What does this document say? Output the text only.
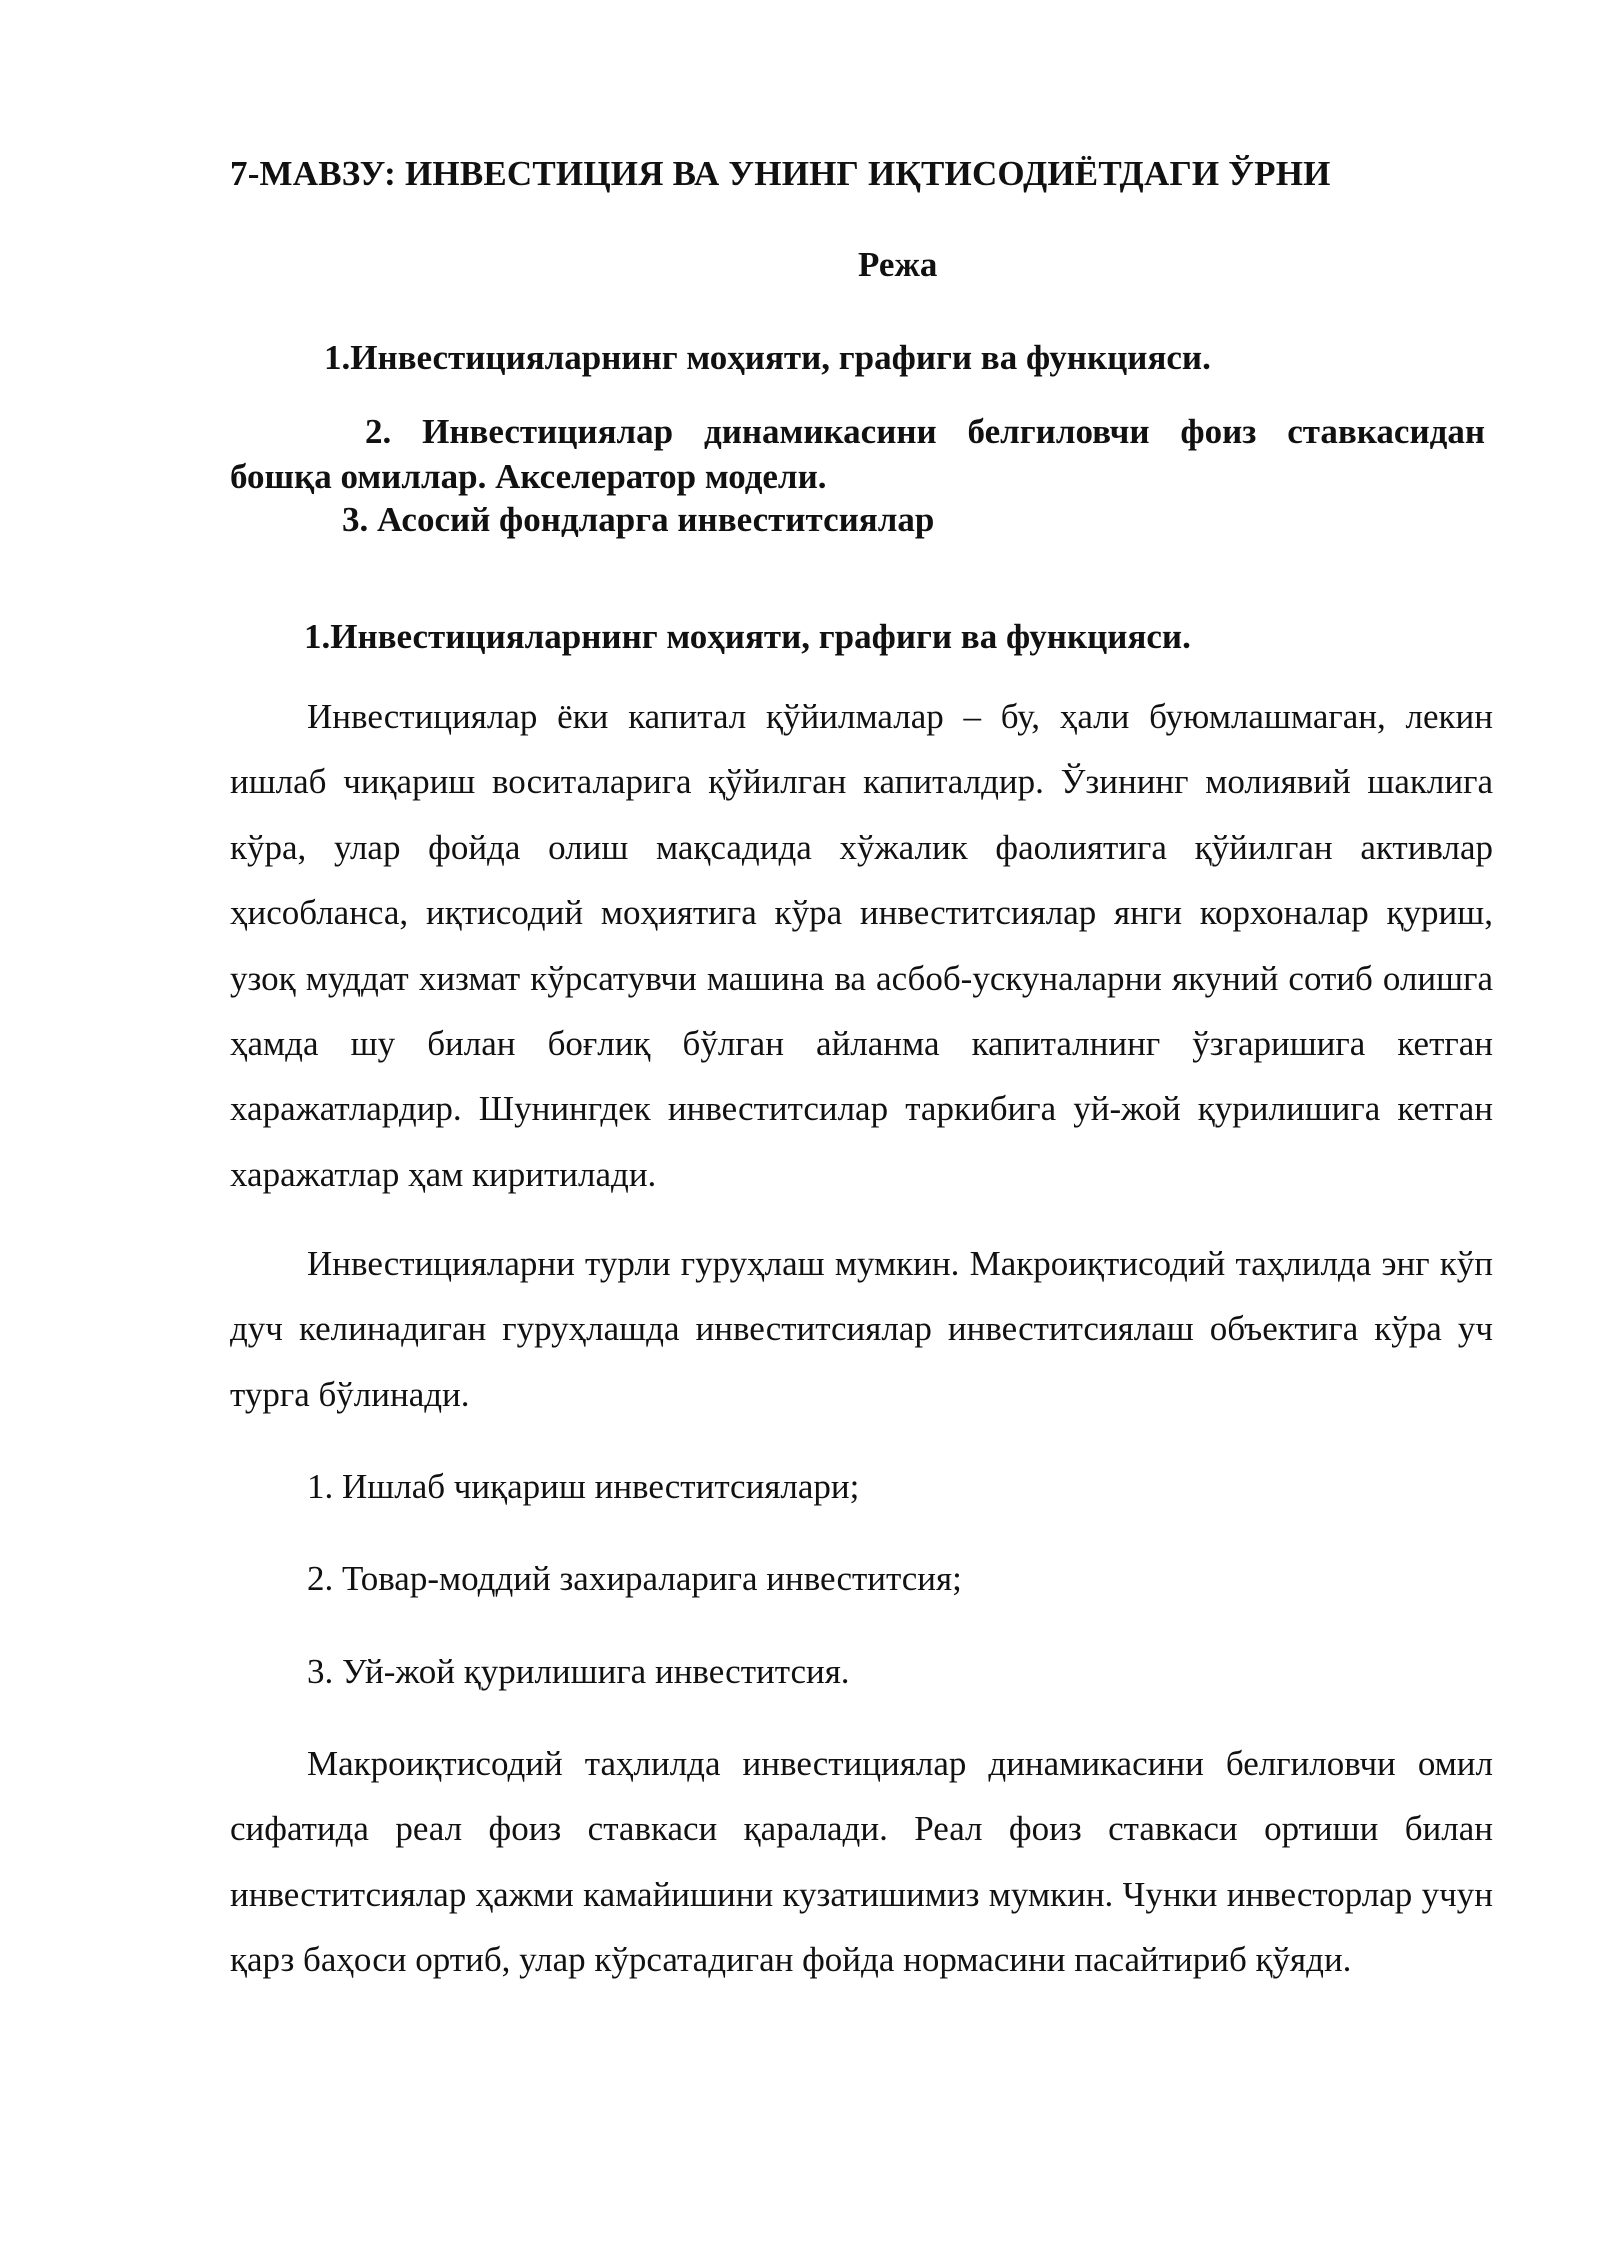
7-МАВЗУ: ИНВЕСТИЦИЯ ВА УНИНГ ИҚТИСОДИЁТДАГИ ЎРНИ
Режа
1.Инвестицияларнинг моҳияти, графиги ва функцияси.
2. Инвестициялар динамикасини белгиловчи фоиз ставкасидан
бошқа омиллар. Акселератор модели.
3. Асосий фондларга инвеститсиялар
1.Инвестицияларнинг моҳияти, графиги ва функцияси.

Инвестициялар ёки капитал қўйилмалар – бу, ҳали буюмлашмаган, лекин ишлаб чиқариш воситаларига қўйилган капиталдир. Ўзининг молиявий шаклига кўра, улар фойда олиш мақсадида хўжалик фаолиятига қўйилган активлар ҳисобланса, иқтисодий моҳиятига кўра инвеститсиялар янги корхоналар қуриш, узоқ муддат хизмат кўрсатувчи машина ва асбоб-ускуналарни якуний сотиб олишга ҳамда шу билан боғлиқ бўлган айланма капиталнинг ўзгаришига кетган харажатлардир. Шунингдек инвеститсилар таркибига уй-жой қурилишига кетган харажатлар ҳам киритилади.

Инвестицияларни турли гуруҳлаш мумкин. Макроиқтисодий таҳлилда энг кўп дуч келинадиган гуруҳлашда инвеститсиялар инвеститсиялаш объектига кўра уч турга бўлинади.

1. Ишлаб чиқариш инвеститсиялари;
2. Товар-моддий захираларига инвеститсия;
3. Уй-жой қурилишига инвеститсия.

Макроиқтисодий таҳлилда инвестициялар динамикасини белгиловчи омил сифатида реал фоиз ставкаси қаралади. Реал фоиз ставкаси ортиши билан инвеститсиялар ҳажми камайишини кузатишимиз мумкин. Чунки инвесторлар учун қарз баҳоси ортиб, улар кўрсатадиган фойда нормасини пасайтириб қўяди.
